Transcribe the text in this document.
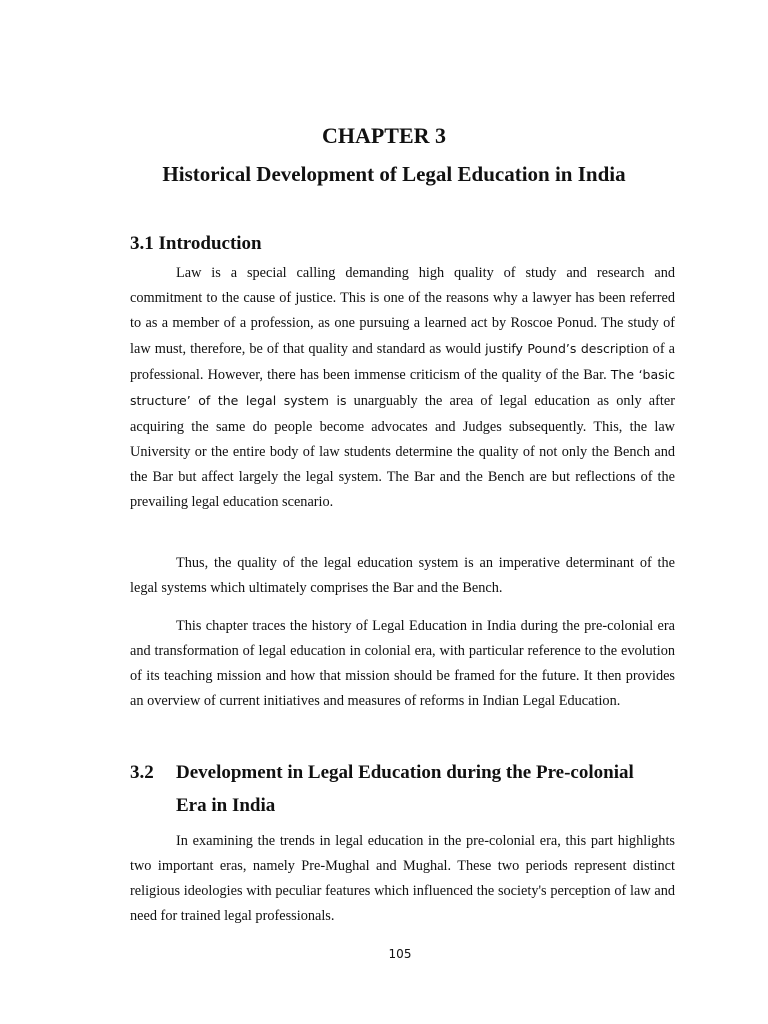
CHAPTER 3
Historical Development of Legal Education in India
3.1 Introduction

Law is a special calling demanding high quality of study and research and commitment to the cause of justice. This is one of the reasons why a lawyer has been referred to as a member of a profession, as one pursuing a learned act by Roscoe Ponud. The study of law must, therefore, be of that quality and standard as would justify Pound’s description of a professional. However, there has been immense criticism of the quality of the Bar. The ‘basic structure’ of the legal system is unarguably the area of legal education as only after acquiring the same do people become advocates and Judges subsequently. This, the law University or the entire body of law students determine the quality of not only the Bench and the Bar but affect largely the legal system. The Bar and the Bench are but reflections of the prevailing legal education scenario.

Thus, the quality of the legal education system is an imperative determinant of the legal systems which ultimately comprises the Bar and the Bench.

This chapter traces the history of Legal Education in India during the pre-colonial era and transformation of legal education in colonial era, with particular reference to the evolution of its teaching mission and how that mission should be framed for the future. It then provides an overview of current initiatives and measures of reforms in Indian Legal Education.

3.2 Development in Legal Education during the Pre-colonial
Era in India

In examining the trends in legal education in the pre-colonial era, this part highlights two important eras, namely Pre-Mughal and Mughal. These two periods represent distinct religious ideologies with peculiar features which influenced the society's perception of law and need for trained legal professionals.

105
